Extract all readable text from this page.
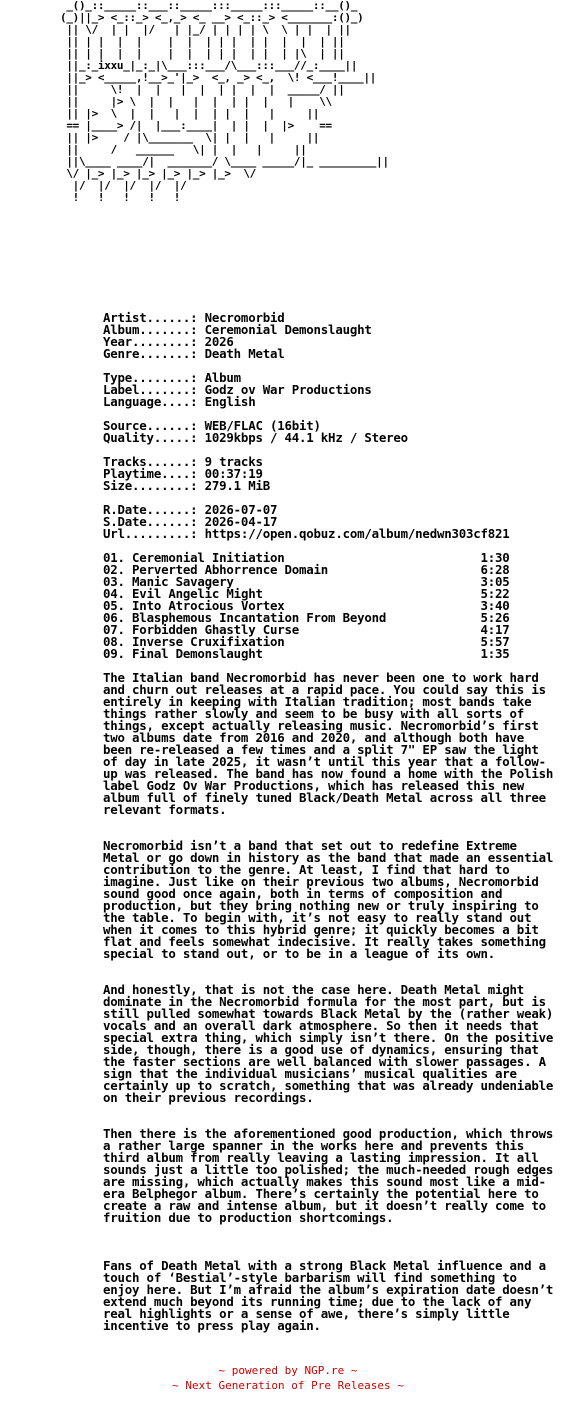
_()_::_____::___::_____:::_____:::_____::__()_
(_)||_> <_::_> <_,_> <_ __> <_::_> <_______:()_)
|| \/  | |  |/   | |_/ | | | | \  \ | |  | ||
|| | |  |  |    |  |  | | |  | |  |  |  | ||
|| | |  |  |    |  |  | | |  | |  | |\  | ||
||_:_ixxu_|_:_|\___:::___/\___:::___//_:____||
||_> <_____,!__>_'|_>  <_, _> <_,  \! <___!____||
||     \!  |  |   |  |  | |  |  |  _____/ ||
||     |> \  |  |   |  |  | |  |   |    \\
|| |>  \  |  |   |  |  | |  |   |     ||
== |____> /|  |___:____|  | |  |  |>    ==
|| |>    / |\_______  \| |  |   |     ||
||     /   ______   \| |  |   |     ||
||\____ ____/|  _______/ \____ _____/|_ _________||
\/ |_> |_> |_> |_> |_> |_>  \/
|/  |/  |/  |/  |/
!   !   !   !   !
Artist......: Necromorbid
Album.......: Ceremonial Demonslaught
Year........: 2026
Genre.......: Death Metal

Type........: Album
Label.......: Godz ov War Productions
Language....: English

Source......: WEB/FLAC (16bit)
Quality.....: 1029kbps / 44.1 kHz / Stereo

Tracks......: 9 tracks
Playtime....: 00:37:19
Size........: 279.1 MiB

R.Date......: 2026-07-07
S.Date......: 2026-04-17
Url.........: https://open.qobuz.com/album/nedwn303cf821

01. Ceremonial Initiation	1:30
02. Perverted Abhorrence Domain	6:28
03. Manic Savagery	3:05
04. Evil Angelic Might	5:22
05. Into Atrocious Vortex	3:40
06. Blasphemous Incantation From Beyond	5:26
07. Forbidden Ghastly Curse	4:17
08. Inverse Cruxifixation	5:57
09. Final Demonslaught	1:35

The Italian band Necromorbid has never been one to work hard and churn out releases at a rapid pace. You could say this is entirely in keeping with Italian tradition; most bands take things rather slowly and seem to be busy with all sorts of things, except actually releasing music. Necromorbid’s first two albums date from 2016 and 2020, and although both have been re-released a few times and a split 7" EP saw the light of day in late 2025, it wasn’t until this year that a follow-up was released. The band has now found a home with the Polish label Godz Ov War Productions, which has released this new album full of finely tuned Black/Death Metal across all three relevant formats.

Necromorbid isn’t a band that set out to redefine Extreme Metal or go down in history as the band that made an essential contribution to the genre. At least, I find that hard to imagine. Just like on their previous two albums, Necromorbid sound good once again, both in terms of composition and production, but they bring nothing new or truly inspiring to the table. To begin with, it’s not easy to really stand out when it comes to this hybrid genre; it quickly becomes a bit flat and feels somewhat indecisive. It really takes something special to stand out, or to be in a league of its own.

And honestly, that is not the case here. Death Metal might dominate in the Necromorbid formula for the most part, but is still pulled somewhat towards Black Metal by the (rather weak) vocals and an overall dark atmosphere. So then it needs that special extra thing, which simply isn’t there. On the positive side, though, there is a good use of dynamics, ensuring that the faster sections are well balanced with slower passages. A sign that the individual musicians’ musical qualities are certainly up to scratch, something that was already undeniable on their previous recordings.

Then there is the aforementioned good production, which throws a rather large spanner in the works here and prevents this third album from really leaving a lasting impression. It all sounds just a little too polished; the much-needed rough edges are missing, which actually makes this sound most like a mid-era Belphegor album. There’s certainly the potential here to create a raw and intense album, but it doesn’t really come to fruition due to production shortcomings.

Fans of Death Metal with a strong Black Metal influence and a touch of ‘Bestial’-style barbarism will find something to enjoy here. But I’m afraid the album’s expiration date doesn’t extend much beyond its running time; due to the lack of any real highlights or a sense of awe, there’s simply little incentive to press play again.

~ powered by NGP.re ~
~ Next Generation of Pre Releases ~
